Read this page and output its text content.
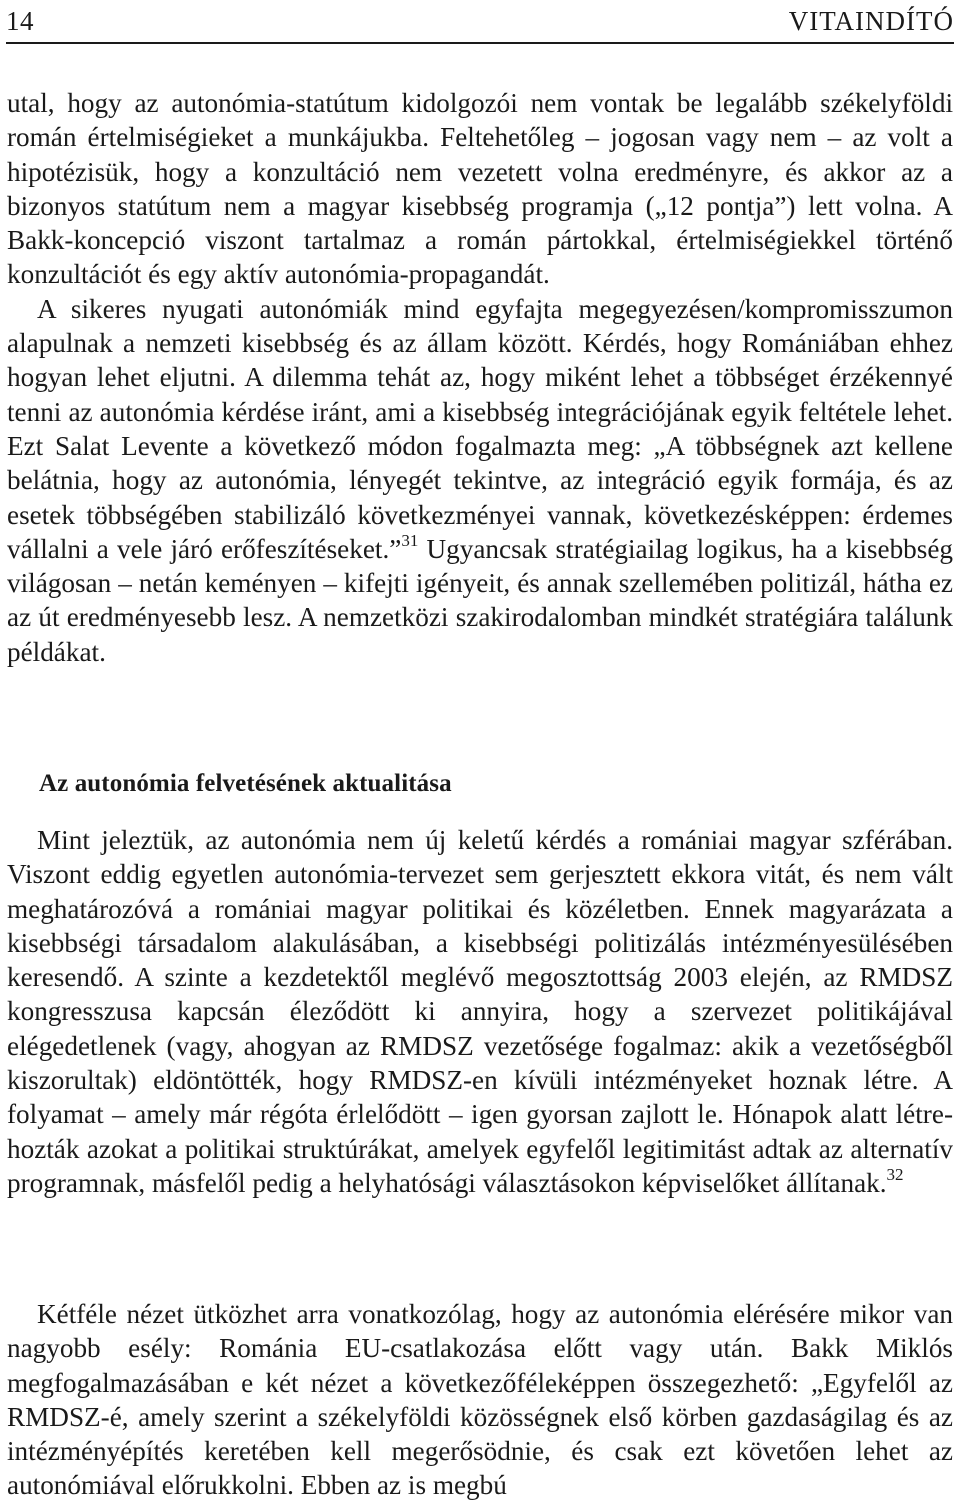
14	VITAINDÍTÓ

utal, hogy az autonómia-statútum kidolgozói nem vontak be legalább székelyföldi román értelmiségieket a munkájukba. Feltehetőleg – jogosan vagy nem – az volt a hipotézisük, hogy a konzultáció nem vezetett volna eredményre, és akkor az a bizonyos statútum nem a magyar kisebbség programja („12 pontja”) lett volna. A Bakk-koncepció viszont tartalmaz a román pártokkal, értelmiségiekkel történő konzultációt és egy aktív autonómia-propagandát.

A sikeres nyugati autonómiák mind egyfajta megegyezésen/kompromisszumon alapulnak a nemzeti kisebbség és az állam között. Kérdés, hogy Romániában ehhez hogyan lehet eljutni. A dilemma tehát az, hogy miként lehet a többséget érzékennyé tenni az autonómia kérdése iránt, ami a kisebbség integrációjának egyik feltétele lehet. Ezt Salat Levente a következő módon fogalmazta meg: „A többségnek azt kellene belátnia, hogy az autonómia, lényegét tekintve, az integráció egyik formája, és az esetek többségében stabilizáló következményei vannak, következésképpen: érdemes vállalni a vele járó erőfeszítéseket.”$^{31}$ Ugyancsak stratégiailag logikus, ha a kisebbség világosan – netán keményen – kifejti igényeit, és annak szellemében politizál, hátha ez az út eredményesebb lesz. A nemzetközi szakirodalomban mindkét stratégiára találunk példákat.

Az autonómia felvetésének aktualitása

Mint jeleztük, az autonómia nem új keletű kérdés a romániai magyar szférában. Viszont eddig egyetlen autonómia-tervezet sem gerjesztett ekkora vitát, és nem vált meghatározóvá a romániai magyar politikai és közéletben. Ennek magyarázata a kisebbségi társadalom alakulásában, a kisebbségi politizálás intézményesülésében keresendő. A szinte a kezdetektől meglévő megosztottság 2003 elején, az RMDSZ kongresszusa kapcsán éleződött ki annyira, hogy a szervezet politikájával elégedetlenek (vagy, ahogyan az RMDSZ vezetősége fogalmaz: akik a vezetőségből kiszorultak) eldöntötték, hogy RMDSZ-en kívüli intézményeket hoznak létre. A folyamat – amely már régóta érlelődött – igen gyorsan zajlott le. Hónapok alatt létrehozták azokat a politikai struktúrákat, amelyek egyfelől legitimitást adtak az alternatív programnak, másfelől pedig a helyhatósági választásokon képviselőket állítanak.$^{32}$

Kétféle nézet ütközhet arra vonatkozólag, hogy az autonómia elérésére mikor van nagyobb esély: Románia EU-csatlakozása előtt vagy után. Bakk Miklós megfogalmazásában e két nézet a következőféleképpen összegezhető: „Egyfelől az RMDSZ-é, amely szerint a székelyföldi közösségnek első körben gazdaságilag és az intézményépítés keretében kell megerősödnie, és csak ezt követően lehet az autonómiával előrukkolni. Ebben az is megbú
